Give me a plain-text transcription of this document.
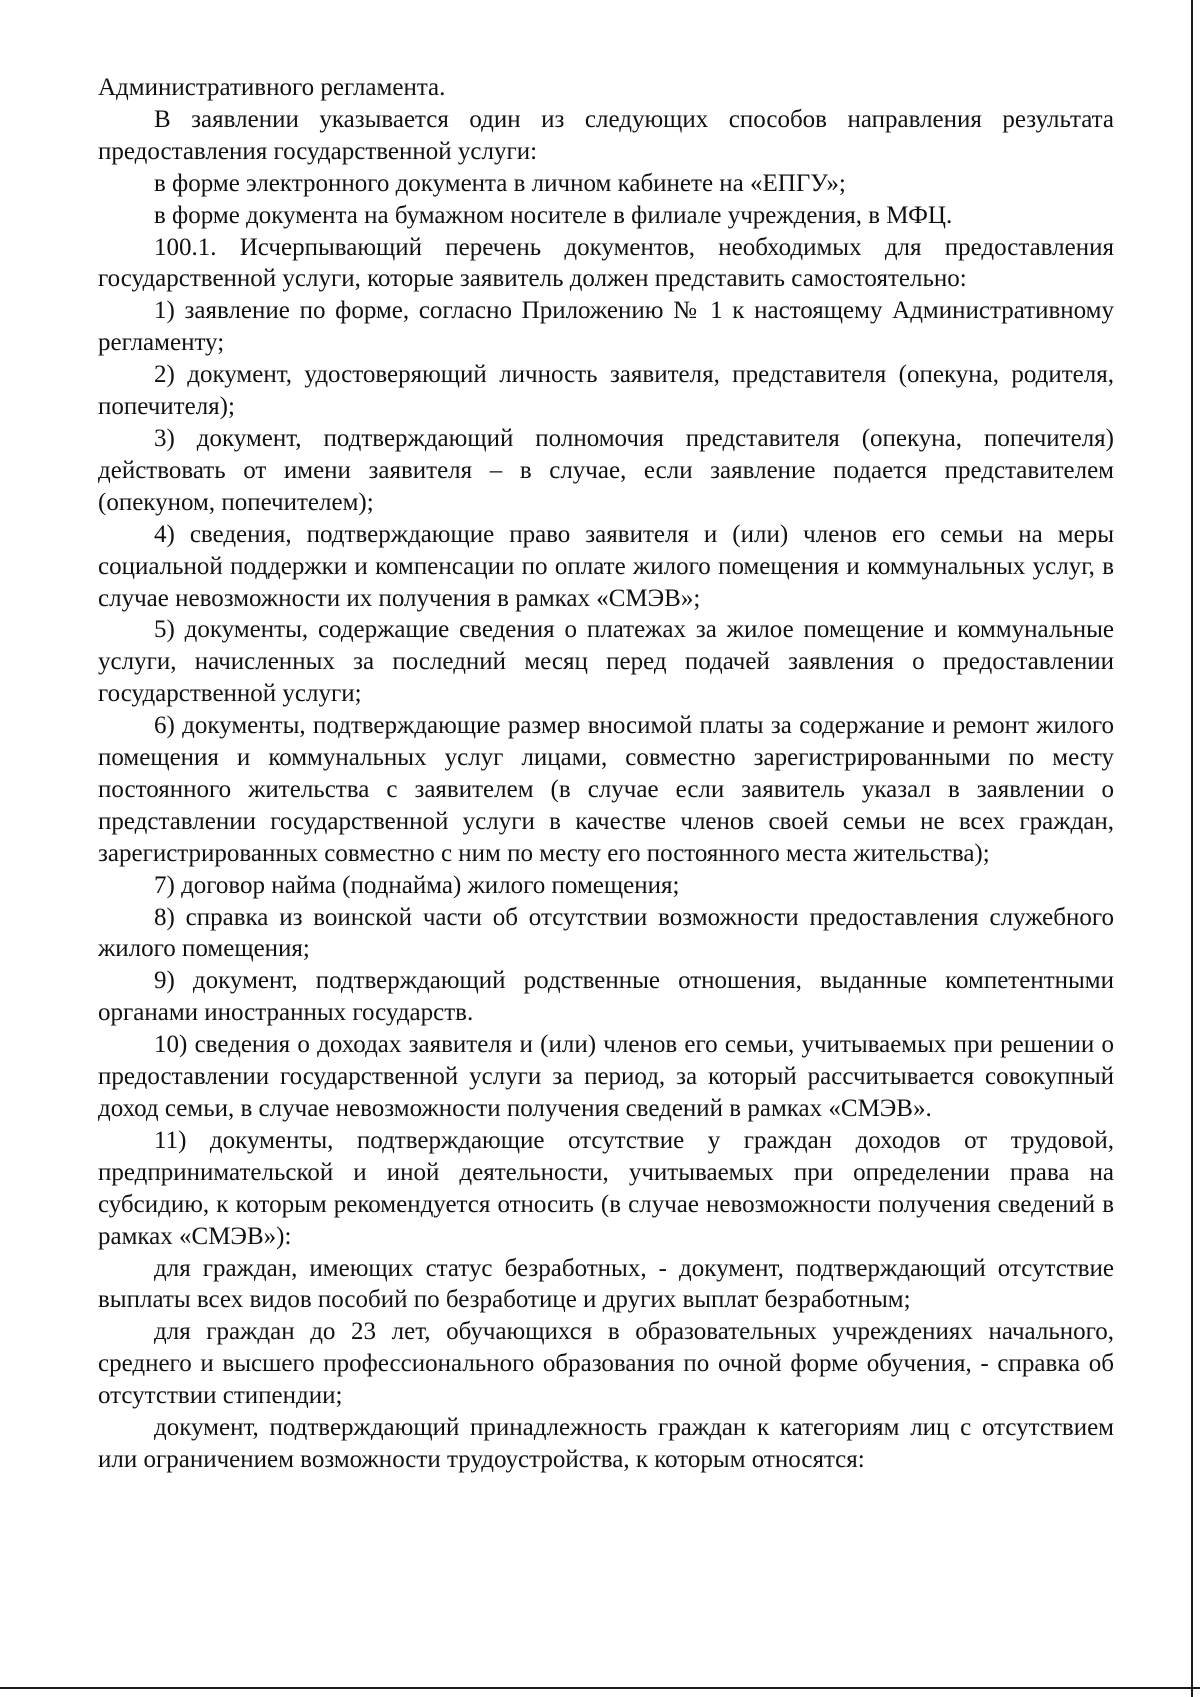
Административного регламента.

В заявлении указывается один из следующих способов направления результата предоставления государственной услуги:

в форме электронного документа в личном кабинете на «ЕПГУ»;

в форме документа на бумажном носителе в филиале учреждения, в МФЦ.

100.1. Исчерпывающий перечень документов, необходимых для предоставления государственной услуги, которые заявитель должен представить самостоятельно:

1) заявление по форме, согласно Приложению № 1 к настоящему Административному регламенту;

2) документ, удостоверяющий личность заявителя, представителя (опекуна, родителя, попечителя);

3) документ, подтверждающий полномочия представителя (опекуна, попечителя) действовать от имени заявителя – в случае, если заявление подается представителем (опекуном, попечителем);

4) сведения, подтверждающие право заявителя и (или) членов его семьи на меры социальной поддержки и компенсации по оплате жилого помещения и коммунальных услуг, в случае невозможности их получения в рамках «СМЭВ»;

5) документы, содержащие сведения о платежах за жилое помещение и коммунальные услуги, начисленных за последний месяц перед подачей заявления о предоставлении государственной услуги;

6) документы, подтверждающие размер вносимой платы за содержание и ремонт жилого помещения и коммунальных услуг лицами, совместно зарегистрированными по месту постоянного жительства с заявителем (в случае если заявитель указал в заявлении о представлении государственной услуги в качестве членов своей семьи не всех граждан, зарегистрированных совместно с ним по месту его постоянного места жительства);

7) договор найма (поднайма) жилого помещения;

8) справка из воинской части об отсутствии возможности предоставления служебного жилого помещения;

9) документ, подтверждающий родственные отношения, выданные компетентными органами иностранных государств.

10) сведения о доходах заявителя и (или) членов его семьи, учитываемых при решении о предоставлении государственной услуги за период, за который рассчитывается совокупный доход семьи, в случае невозможности получения сведений в рамках «СМЭВ».

11) документы, подтверждающие отсутствие у граждан доходов от трудовой, предпринимательской и иной деятельности, учитываемых при определении права на субсидию, к которым рекомендуется относить (в случае невозможности получения сведений в рамках «СМЭВ»):

для граждан, имеющих статус безработных, - документ, подтверждающий отсутствие выплаты всех видов пособий по безработице и других выплат безработным;

для граждан до 23 лет, обучающихся в образовательных учреждениях начального, среднего и высшего профессионального образования по очной форме обучения, - справка об отсутствии стипендии;

документ, подтверждающий принадлежность граждан к категориям лиц с отсутствием или ограничением возможности трудоустройства, к которым относятся:
